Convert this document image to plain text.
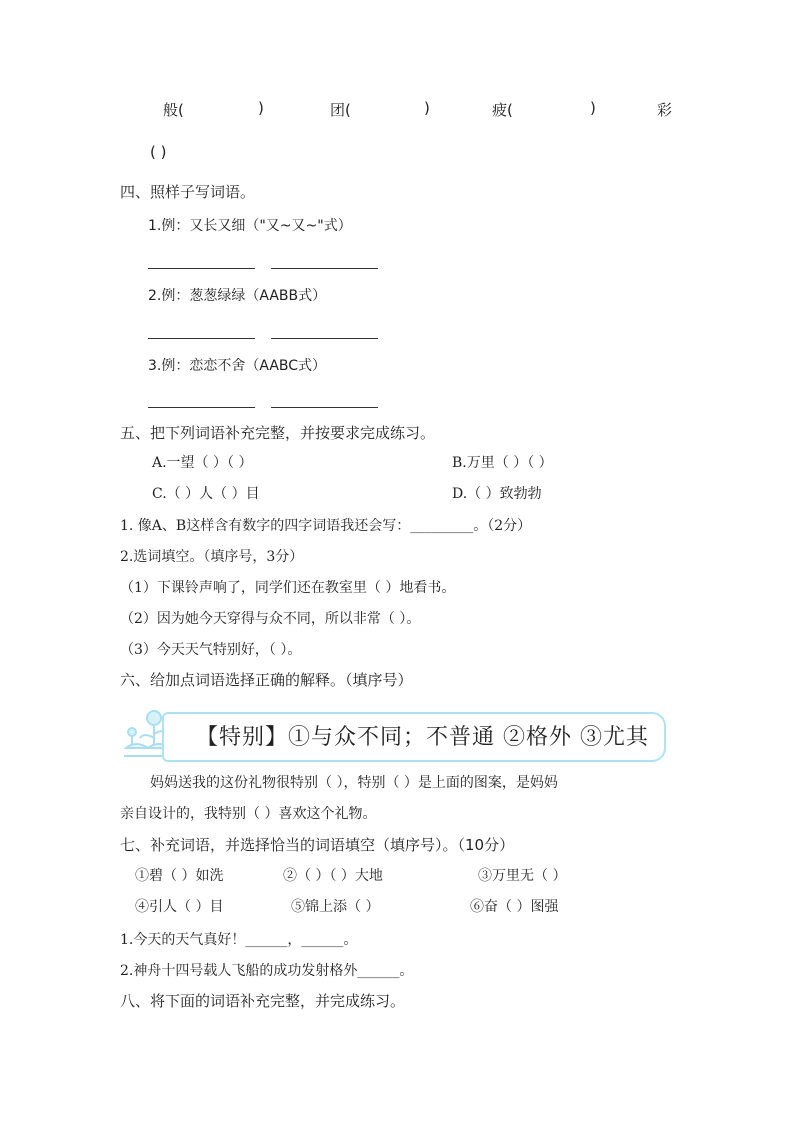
般(	)	团(	)	疲(	)	彩
( )
四、照样子写词语。
1.例：又长又细（"又~又~"式）
2.例：葱葱绿绿（AABB式）
3.例：恋恋不舍（AABC式）
五、把下列词语补充完整，并按要求完成练习。
A.一望（ ）（ ）	B.万里（ ）（ ）
C.（ ）人（ ）目	D.（ ）致勃勃
1. 像A、B这样含有数字的四字词语我还会写：_________。（2分）
2.选词填空。（填序号，3分）
（1）下课铃声响了，同学们还在教室里（ ）地看书。
（2）因为她今天穿得与众不同，所以非常（ ）。
（3）今天天气特别好，（ ）。
六、给加点词语选择正确的解释。（填序号）
【特别】①与众不同；不普通 ②格外 ③尤其
妈妈送我的这份礼物很特别（ ），特别（ ）是上面的图案，是妈妈
亲自设计的，我特别（ ）喜欢这个礼物。
七、补充词语，并选择恰当的词语填空（填序号）。（10分）
①碧（ ）如洗	②（ ）（ ）大地	③万里无（ ）
④引人（ ）目	⑤锦上添（ ）	⑥奋（ ）图强
1.今天的天气真好！______，______。
2.神舟十四号载人飞船的成功发射格外______。
八、将下面的词语补充完整，并完成练习。
